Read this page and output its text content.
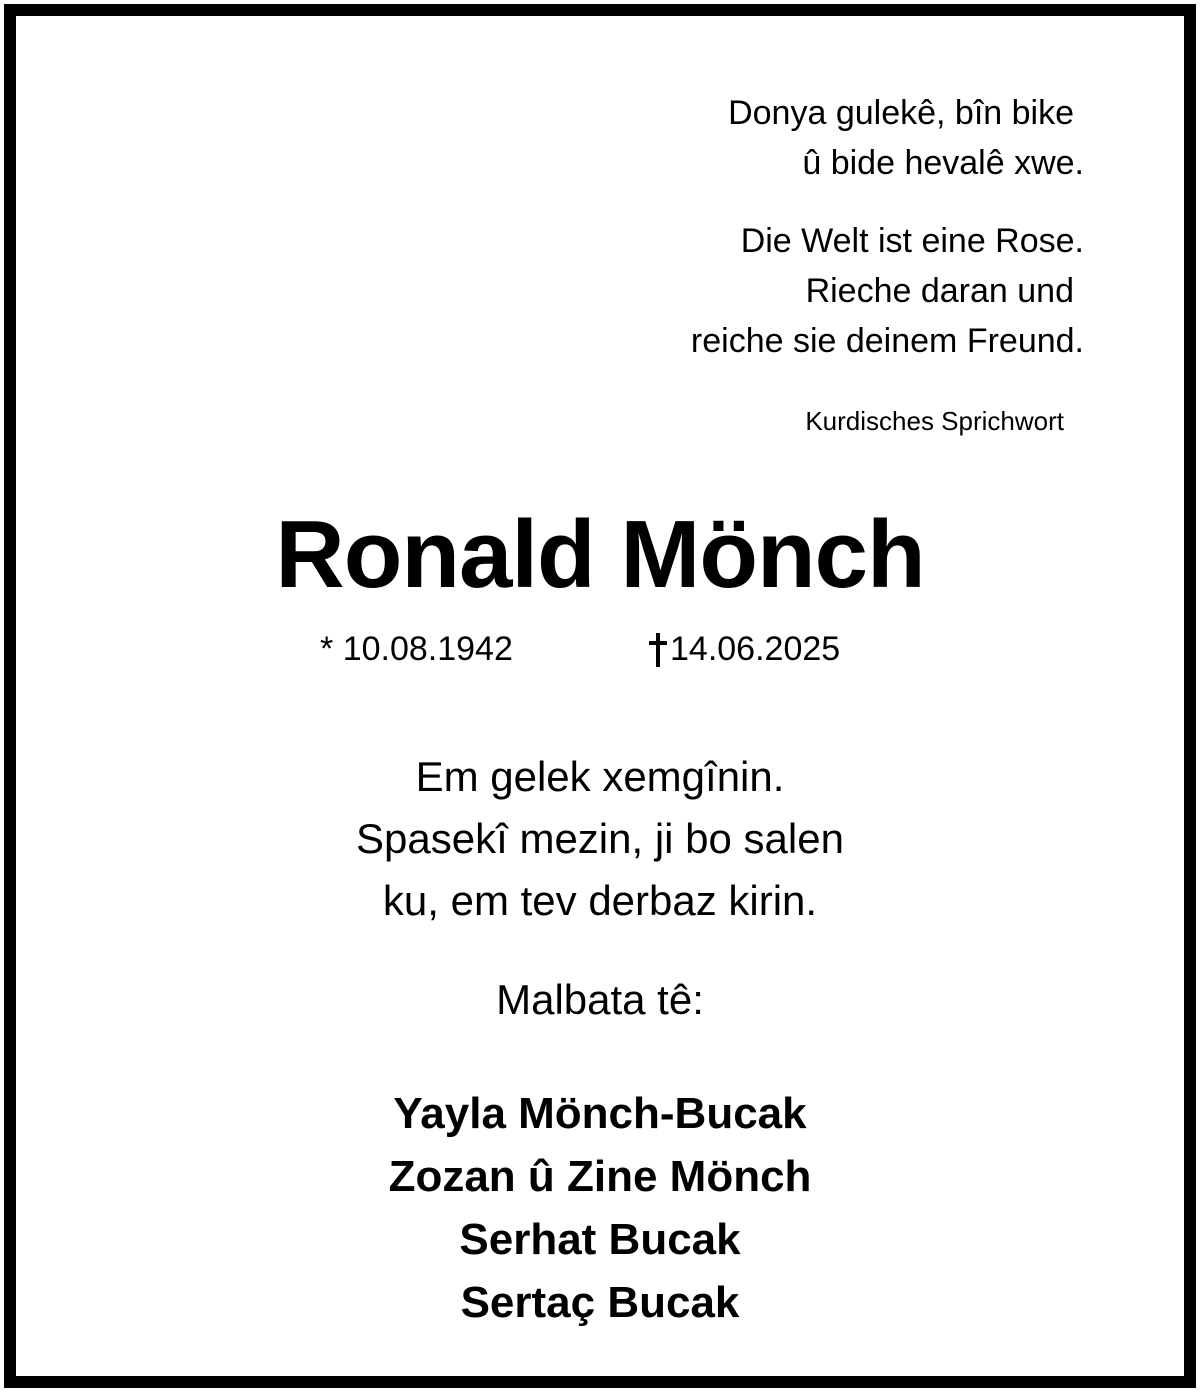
Donya gulekê, bîn bike
û bide hevalê xwe.
Die Welt ist eine Rose.
Rieche daran und
reiche sie deinem Freund.
Kurdisches Sprichwort
Ronald Mönch
* 10.08.1942	14.06.2025
Em gelek xemgînin.
Spasekî mezin, ji bo salen
ku, em tev derbaz kirin.
Malbata tê:
Yayla Mönch-Bucak
Zozan û Zine Mönch
Serhat Bucak
Sertaç Bucak
